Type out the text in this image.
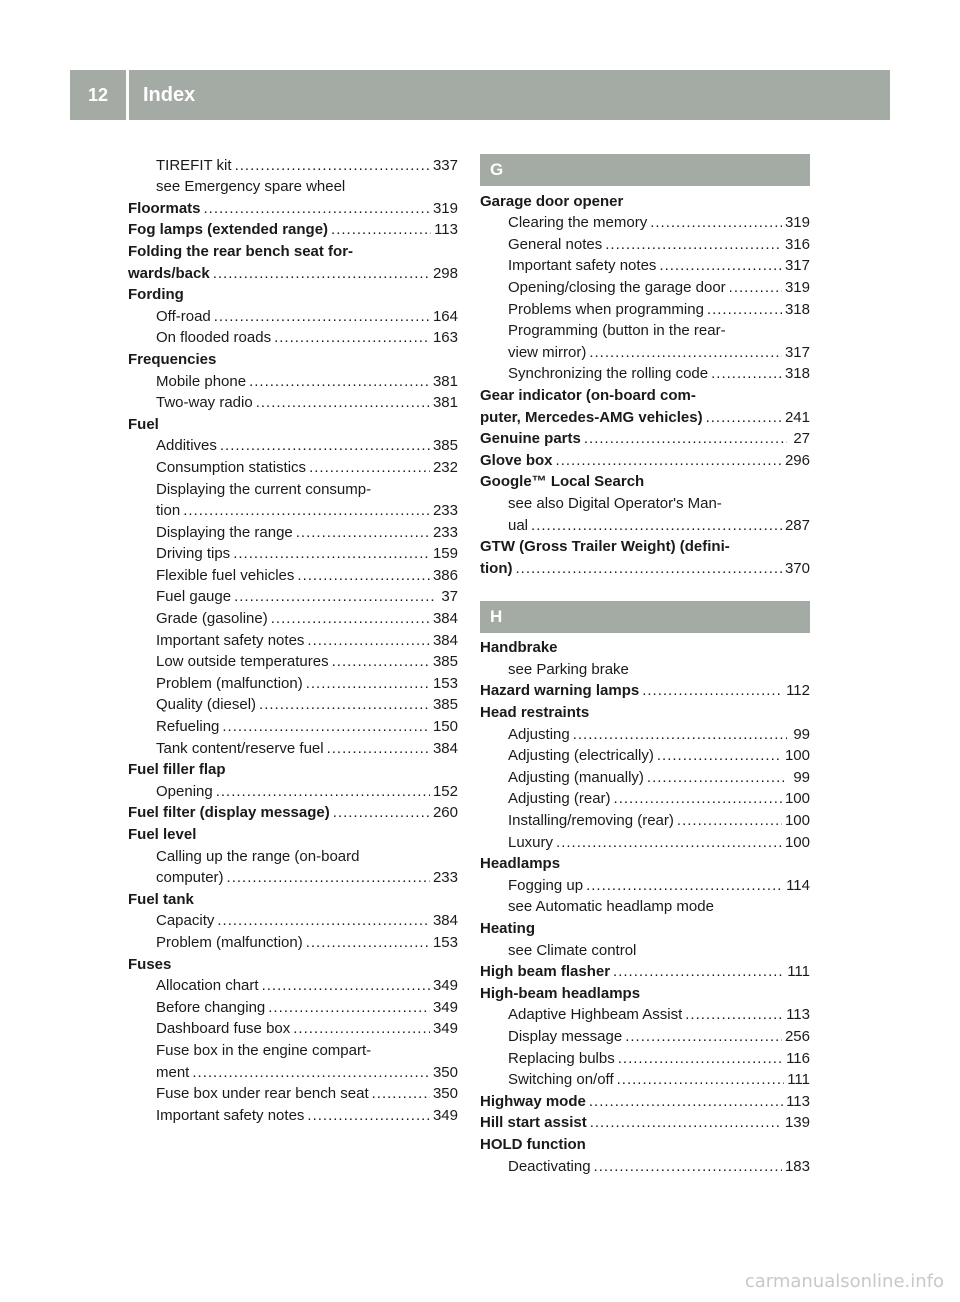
12	Index
TIREFIT kit .....	337
see Emergency spare wheel
Floormats .....	319
Fog lamps (extended range) .....	113
Folding the rear bench seat for-
wards/back .....	298
Fording
Off-road .....	164
On flooded roads .....	163
Frequencies
Mobile phone .....	381
Two-way radio .....	381
Fuel
Additives .....	385
Consumption statistics .....	232
Displaying the current consump-
tion .....	233
Displaying the range .....	233
Driving tips .....	159
Flexible fuel vehicles .....	386
Fuel gauge .....	37
Grade (gasoline) .....	384
Important safety notes .....	384
Low outside temperatures .....	385
Problem (malfunction) .....	153
Quality (diesel) .....	385
Refueling .....	150
Tank content/reserve fuel .....	384
Fuel filler flap
Opening .....	152
Fuel filter (display message) .....	260
Fuel level
Calling up the range (on-board
computer) .....	233
Fuel tank
Capacity .....	384
Problem (malfunction) .....	153
Fuses
Allocation chart .....	349
Before changing .....	349
Dashboard fuse box .....	349
Fuse box in the engine compart-
ment .....	350
Fuse box under rear bench seat .....	350
Important safety notes .....	349
G
Garage door opener
Clearing the memory .....	319
General notes .....	316
Important safety notes .....	317
Opening/closing the garage door .....	319
Problems when programming .....	318
Programming (button in the rear-
view mirror) .....	317
Synchronizing the rolling code .....	318
Gear indicator (on-board com-
puter, Mercedes-AMG vehicles) .....	241
Genuine parts .....	27
Glove box .....	296
Google™ Local Search
see also Digital Operator's Man-
ual .....	287
GTW (Gross Trailer Weight) (defini-
tion) .....	370
H
Handbrake
see Parking brake
Hazard warning lamps .....	112
Head restraints
Adjusting .....	99
Adjusting (electrically) .....	100
Adjusting (manually) .....	99
Adjusting (rear) .....	100
Installing/removing (rear) .....	100
Luxury .....	100
Headlamps
Fogging up .....	114
see Automatic headlamp mode
Heating
see Climate control
High beam flasher .....	111
High-beam headlamps
Adaptive Highbeam Assist .....	113
Display message .....	256
Replacing bulbs .....	116
Switching on/off .....	111
Highway mode .....	113
Hill start assist .....	139
HOLD function
Deactivating .....	183
carmanualsonline.info
